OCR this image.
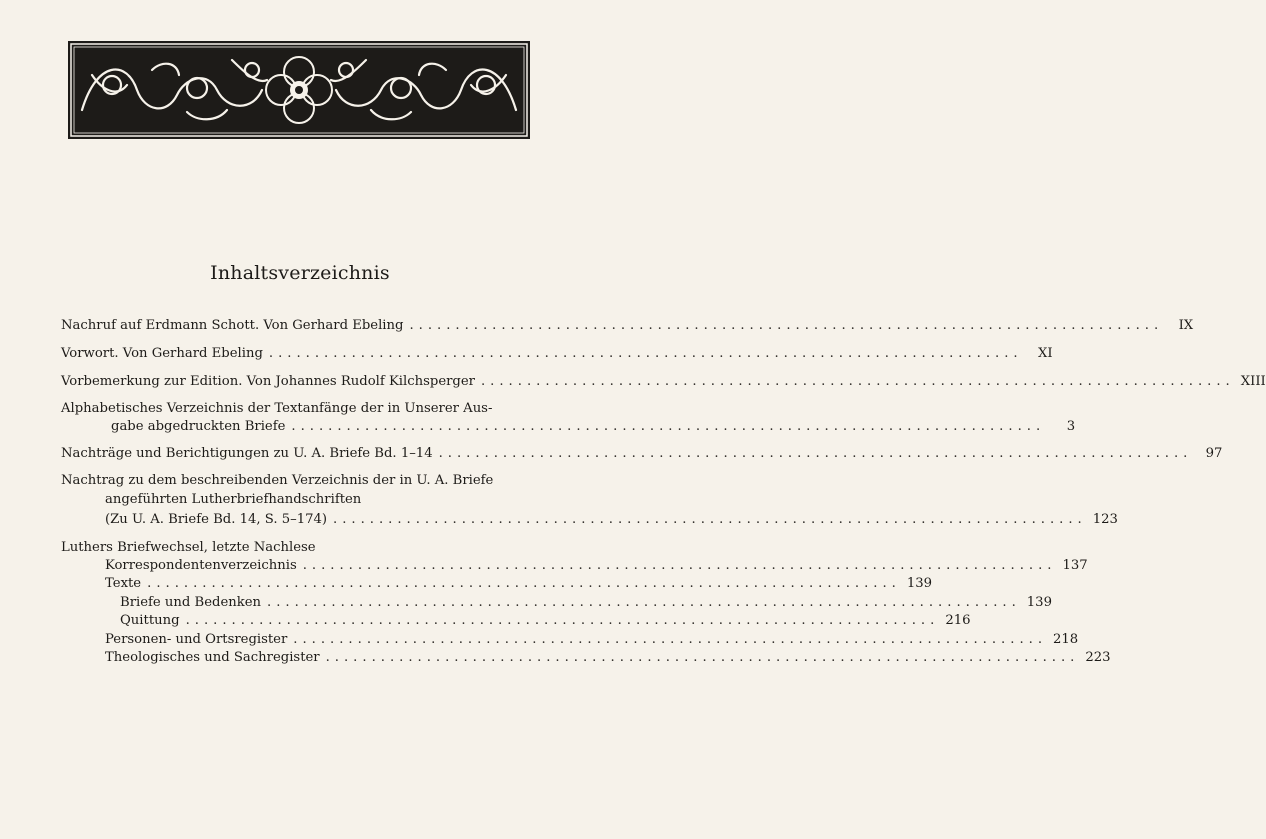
Inhaltsverzeichnis
Nachruf auf Erdmann Schott. Von Gerhard Ebeling ..................................................................................	IX
Vorwort. Von Gerhard Ebeling ..................................................................................	XI
Vorbemerkung zur Edition. Von Johannes Rudolf Kilchsperger .................................................................................. XIII
Alphabetisches Verzeichnis der Textanfänge der in Unserer Aus-
gabe abgedruckten Briefe ..................................................................................	3
Nachträge und Berichtigungen zu U. A. Briefe Bd. 1–14 ..................................................................................	97
Nachtrag zu dem beschreibenden Verzeichnis der in U. A. Briefe
angeführten Lutherbriefhandschriften
(Zu U. A. Briefe Bd. 14, S. 5–174) .................................................................................. 123
Luthers Briefwechsel, letzte Nachlese
Korrespondentenverzeichnis .................................................................................. 137
Texte .................................................................................. 139
Briefe und Bedenken .................................................................................. 139
Quittung .................................................................................. 216
Personen- und Ortsregister .................................................................................. 218
Theologisches und Sachregister .................................................................................. 223
